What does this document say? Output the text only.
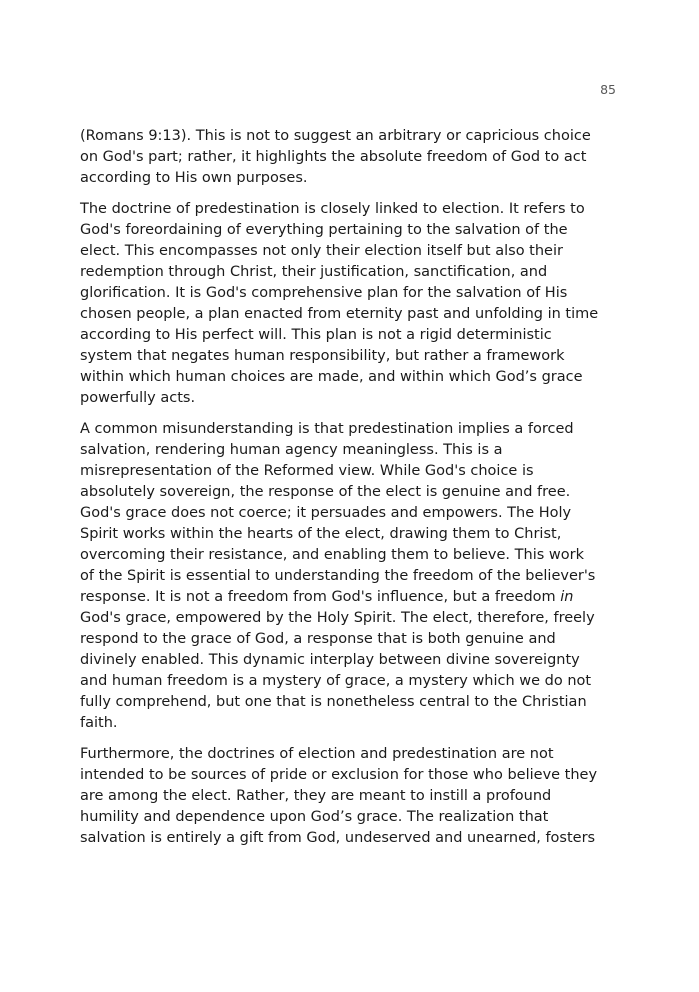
85
(Romans 9:13). This is not to suggest an arbitrary or capricious choice
on God's part; rather, it highlights the absolute freedom of God to act
according to His own purposes.
The doctrine of predestination is closely linked to election. It refers to
God's foreordaining of everything pertaining to the salvation of the
elect. This encompasses not only their election itself but also their
redemption through Christ, their justification, sanctification, and
glorification. It is God's comprehensive plan for the salvation of His
chosen people, a plan enacted from eternity past and unfolding in time
according to His perfect will. This plan is not a rigid deterministic
system that negates human responsibility, but rather a framework
within which human choices are made, and within which God’s grace
powerfully acts.
A common misunderstanding is that predestination implies a forced
salvation, rendering human agency meaningless. This is a
misrepresentation of the Reformed view. While God's choice is
absolutely sovereign, the response of the elect is genuine and free.
God's grace does not coerce; it persuades and empowers. The Holy
Spirit works within the hearts of the elect, drawing them to Christ,
overcoming their resistance, and enabling them to believe. This work
of the Spirit is essential to understanding the freedom of the believer's
response. It is not a freedom from God's influence, but a freedom in
God's grace, empowered by the Holy Spirit. The elect, therefore, freely
respond to the grace of God, a response that is both genuine and
divinely enabled. This dynamic interplay between divine sovereignty
and human freedom is a mystery of grace, a mystery which we do not
fully comprehend, but one that is nonetheless central to the Christian
faith.
Furthermore, the doctrines of election and predestination are not
intended to be sources of pride or exclusion for those who believe they
are among the elect. Rather, they are meant to instill a profound
humility and dependence upon God’s grace. The realization that
salvation is entirely a gift from God, undeserved and unearned, fosters
